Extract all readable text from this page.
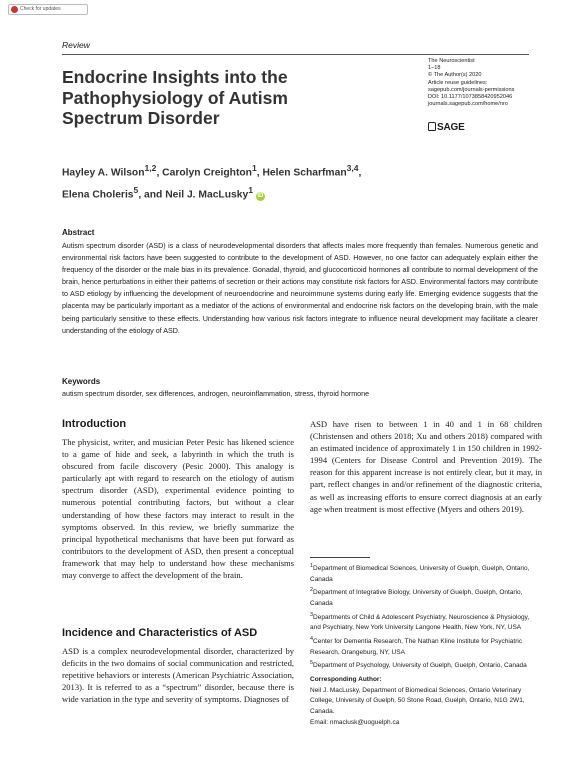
Check for updates
Review
Endocrine Insights into the Pathophysiology of Autism Spectrum Disorder
The Neuroscientist
1–18
© The Author(s) 2020
Article reuse guidelines:
sagepub.com/journals-permissions
DOI: 10.1177/1073858420952046
journals.sagepub.com/home/nro
SAGE
Hayley A. Wilson$^{1,2}$, Carolyn Creighton$^1$, Helen Scharfman$^{3,4}$,
Elena Choleris$^5$, and Neil J. MacLusky$^1$ iD
Abstract
Autism spectrum disorder (ASD) is a class of neurodevelopmental disorders that affects males more frequently than females. Numerous genetic and environmental risk factors have been suggested to contribute to the development of ASD. However, no one factor can adequately explain either the frequency of the disorder or the male bias in its prevalence. Gonadal, thyroid, and glucocorticoid hormones all contribute to normal development of the brain, hence perturbations in either their patterns of secretion or their actions may constitute risk factors for ASD. Environmental factors may contribute to ASD etiology by influencing the development of neuroendocrine and neuroimmune systems during early life. Emerging evidence suggests that the placenta may be particularly important as a mediator of the actions of environmental and endocrine risk factors on the developing brain, with the male being particularly sensitive to these effects. Understanding how various risk factors integrate to influence neural development may facilitate a clearer understanding of the etiology of ASD.
Keywords
autism spectrum disorder, sex differences, androgen, neuroinflammation, stress, thyroid hormone
Introduction
The physicist, writer, and musician Peter Pesic has likened science to a game of hide and seek, a labyrinth in which the truth is obscured from facile discovery (Pesic 2000). This analogy is particularly apt with regard to research on the etiology of autism spectrum disorder (ASD), experimental evidence pointing to numerous potential contributing factors, but without a clear understanding of how these factors may interact to result in the symptoms observed. In this review, we briefly summarize the principal hypothetical mechanisms that have been put forward as contributors to the development of ASD, then present a conceptual framework that may help to understand how these mechanisms may converge to affect the development of the brain.
Incidence and Characteristics of ASD
ASD is a complex neurodevelopmental disorder, characterized by deficits in the two domains of social communication and restricted, repetitive behaviors or interests (American Psychiatric Association, 2013). It is referred to as a “spectrum” disorder, because there is wide variation in the type and severity of symptoms. Diagnoses of
ASD have risen to between 1 in 40 and 1 in 68 children (Christensen and others 2018; Xu and others 2018) compared with an estimated incidence of approximately 1 in 150 children in 1992-1994 (Centers for Disease Control and Prevention 2019). The reason for this apparent increase is not entirely clear, but it may, in part, reflect changes in and/or refinement of the diagnostic criteria, as well as increasing efforts to ensure correct diagnosis at an early age when treatment is most effective (Myers and others 2019).

$^1$Department of Biomedical Sciences, University of Guelph, Guelph, Ontario, Canada

$^2$Department of Integrative Biology, University of Guelph, Guelph, Ontario, Canada

$^3$Departments of Child & Adolescent Psychiatry, Neuroscience & Physiology, and Psychiatry, New York University Langone Health, New York, NY, USA

$^4$Center for Dementia Research, The Nathan Kline Institute for Psychiatric Research, Orangeburg, NY, USA

$^5$Department of Psychology, University of Guelph, Guelph, Ontario, Canada

Corresponding Author:

Neil J. MacLusky, Department of Biomedical Sciences, Ontario Veterinary College, University of Guelph, 50 Stone Road, Guelph, Ontario, N1G 2W1, Canada.

Email: nmaclusk@uoguelph.ca
